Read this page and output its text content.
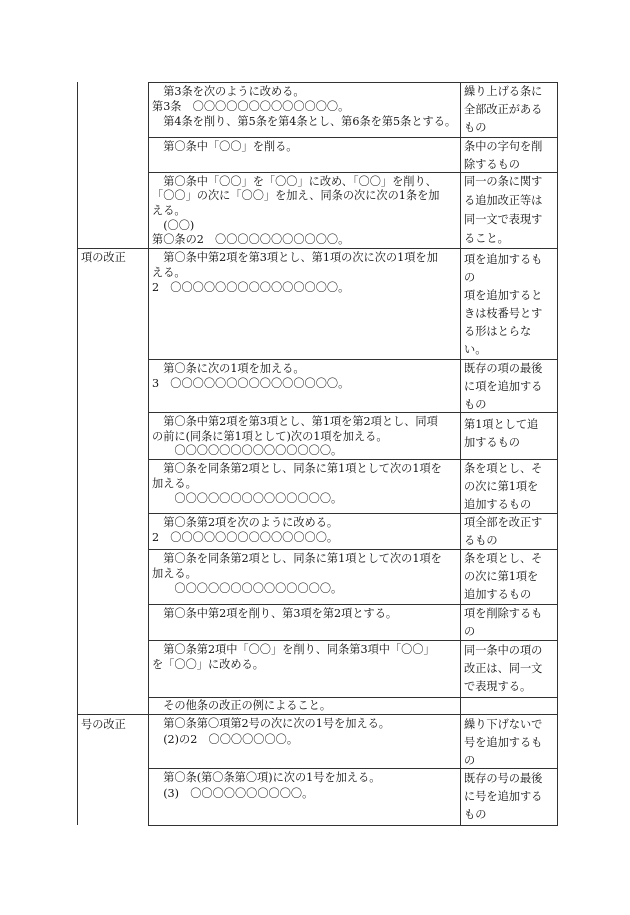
項の改正
号の改正
　第3条を次のように改める。
第3条　〇〇〇〇〇〇〇〇〇〇〇〇〇。
　第4条を削り、第5条を第4条とし、第6条を第5条とする。
繰り上げる条に
全部改正がある
もの
　第〇条中「〇〇」を削る。	条中の字句を削
除するもの
　第〇条中「〇〇」を「〇〇」に改め、「〇〇」を削り、
「〇〇」の次に「〇〇」を加え、同条の次に次の1条を加
える。
　(〇〇)
第〇条の2　〇〇〇〇〇〇〇〇〇〇〇。
同一の条に関す
る追加改正等は
同一文で表現す
ること。
　第〇条中第2項を第3項とし、第1項の次に次の1項を加
える。
2　〇〇〇〇〇〇〇〇〇〇〇〇〇〇〇。
項を追加するも
の
項を追加すると
きは枝番号とす
る形はとらな
い。
　第〇条に次の1項を加える。
3　〇〇〇〇〇〇〇〇〇〇〇〇〇〇〇。
既存の項の最後
に項を追加する
もの
　第〇条中第2項を第3項とし、第1項を第2項とし、同項
の前に(同条に第1項として)次の1項を加える。
　　〇〇〇〇〇〇〇〇〇〇〇〇〇〇。
第1項として追
加するもの
　第〇条を同条第2項とし、同条に第1項として次の1項を
加える。
　　〇〇〇〇〇〇〇〇〇〇〇〇〇〇。
条を項とし、そ
の次に第1項を
追加するもの
　第〇条第2項を次のように改める。
2　〇〇〇〇〇〇〇〇〇〇〇〇〇〇。
項全部を改正す
るもの
　第〇条を同条第2項とし、同条に第1項として次の1項を
加える。
　　〇〇〇〇〇〇〇〇〇〇〇〇〇〇。
条を項とし、そ
の次に第1項を
追加するもの
　第〇条中第2項を削り、第3項を第2項とする。	項を削除するも
の
　第〇条第2項中「〇〇」を削り、同条第3項中「〇〇」
を「〇〇」に改める。
同一条中の項の
改正は、同一文
で表現する。
　その他条の改正の例によること。
　第〇条第〇項第2号の次に次の1号を加える。
　(2)の2　〇〇〇〇〇〇〇。
繰り下げないで
号を追加するも
の
　第〇条(第〇条第〇項)に次の1号を加える。
　(3)　〇〇〇〇〇〇〇〇〇〇。
既存の号の最後
に号を追加する
もの
